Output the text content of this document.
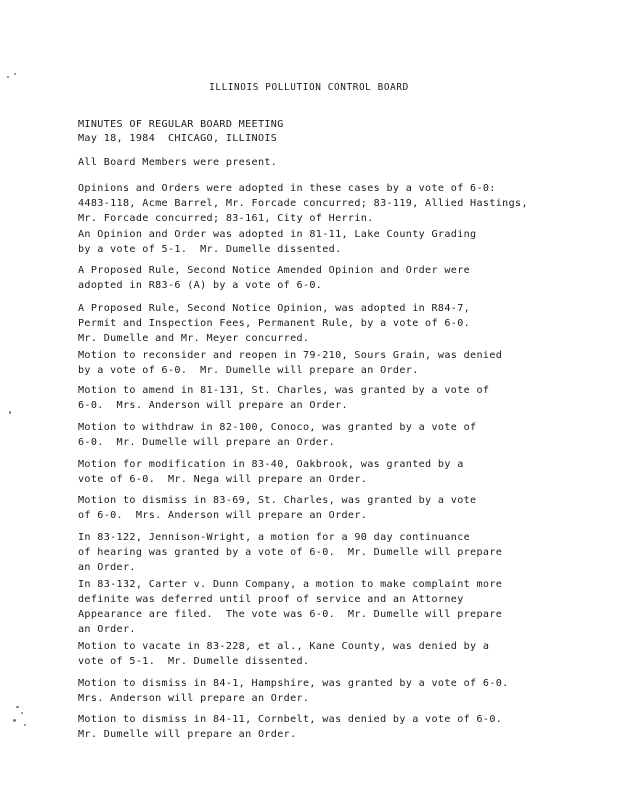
ILLINOIS POLLUTION CONTROL BOARD
MINUTES OF REGULAR BOARD MEETING
May 18, 1984  CHICAGO, ILLINOIS
All Board Members were present.
Opinions and Orders were adopted in these cases by a vote of 6-0:
4483-118, Acme Barrel, Mr. Forcade concurred; 83-119, Allied Hastings,
Mr. Forcade concurred; 83-161, City of Herrin.
An Opinion and Order was adopted in 81-11, Lake County Grading
by a vote of 5-1.  Mr. Dumelle dissented.
A Proposed Rule, Second Notice Amended Opinion and Order were
adopted in R83-6 (A) by a vote of 6-0.
A Proposed Rule, Second Notice Opinion, was adopted in R84-7,
Permit and Inspection Fees, Permanent Rule, by a vote of 6-0.
Mr. Dumelle and Mr. Meyer concurred.
Motion to reconsider and reopen in 79-210, Sours Grain, was denied
by a vote of 6-0.  Mr. Dumelle will prepare an Order.
Motion to amend in 81-131, St. Charles, was granted by a vote of
6-0.  Mrs. Anderson will prepare an Order.
Motion to withdraw in 82-100, Conoco, was granted by a vote of
6-0.  Mr. Dumelle will prepare an Order.
Motion for modification in 83-40, Oakbrook, was granted by a
vote of 6-0.  Mr. Nega will prepare an Order.
Motion to dismiss in 83-69, St. Charles, was granted by a vote
of 6-0.  Mrs. Anderson will prepare an Order.
In 83-122, Jennison-Wright, a motion for a 90 day continuance
of hearing was granted by a vote of 6-0.  Mr. Dumelle will prepare
an Order.
In 83-132, Carter v. Dunn Company, a motion to make complaint more
definite was deferred until proof of service and an Attorney
Appearance are filed.  The vote was 6-0.  Mr. Dumelle will prepare
an Order.
Motion to vacate in 83-228, et al., Kane County, was denied by a
vote of 5-1.  Mr. Dumelle dissented.
Motion to dismiss in 84-1, Hampshire, was granted by a vote of 6-0.
Mrs. Anderson will prepare an Order.
Motion to dismiss in 84-11, Cornbelt, was denied by a vote of 6-0.
Mr. Dumelle will prepare an Order.
